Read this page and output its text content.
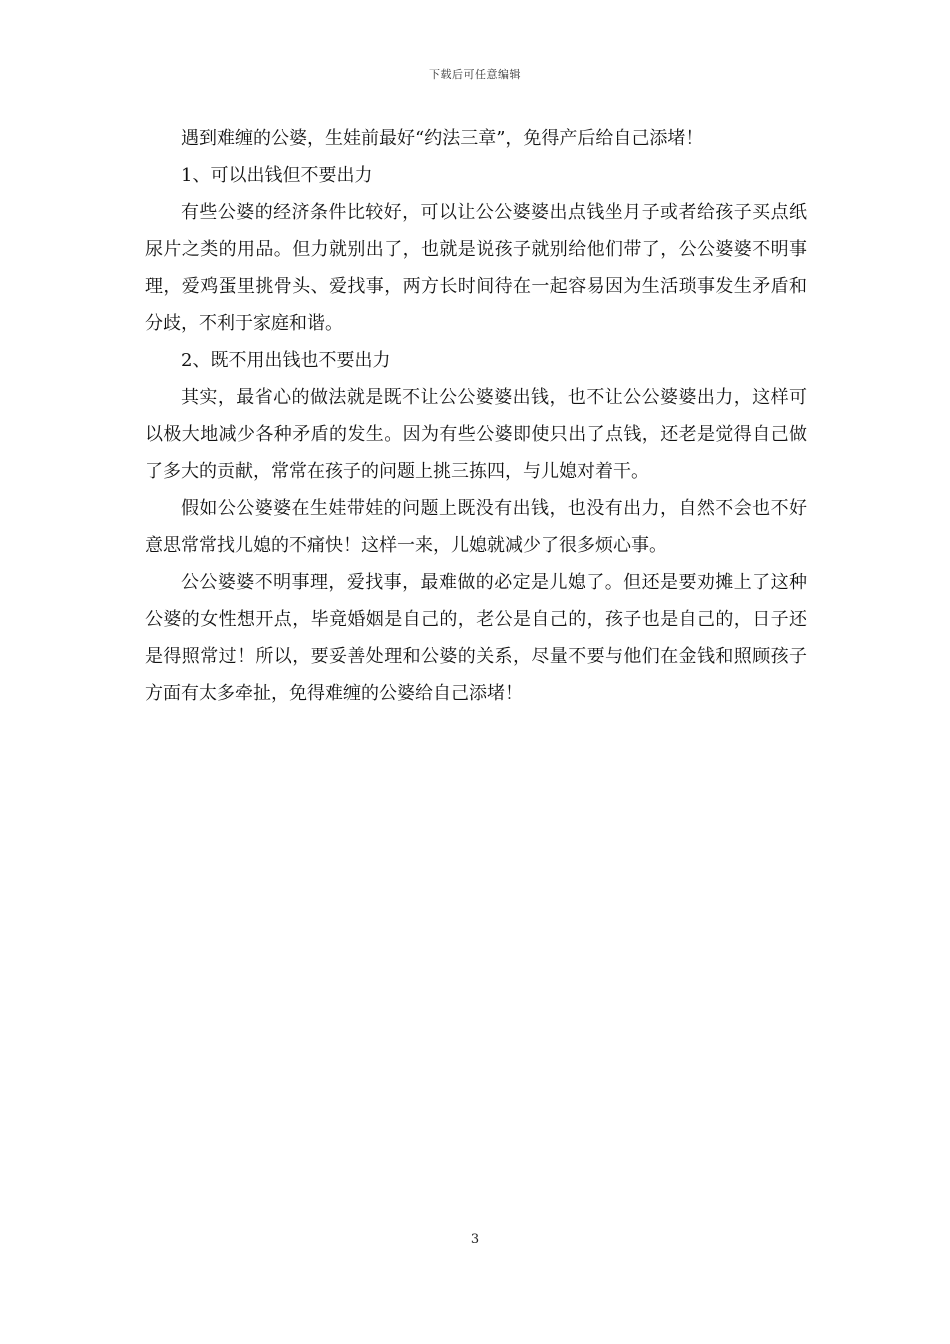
下载后可任意编辑

遇到难缠的公婆，生娃前最好“约法三章”，免得产后给自己添堵！

1、可以出钱但不要出力

有些公婆的经济条件比较好，可以让公公婆婆出点钱坐月子或者给孩子买点纸尿片之类的用品。但力就别出了，也就是说孩子就别给他们带了，公公婆婆不明事理，爱鸡蛋里挑骨头、爱找事，两方长时间待在一起容易因为生活琐事发生矛盾和分歧，不利于家庭和谐。

2、既不用出钱也不要出力

其实，最省心的做法就是既不让公公婆婆出钱，也不让公公婆婆出力，这样可以极大地减少各种矛盾的发生。因为有些公婆即使只出了点钱，还老是觉得自己做了多大的贡献，常常在孩子的问题上挑三拣四，与儿媳对着干。

假如公公婆婆在生娃带娃的问题上既没有出钱，也没有出力，自然不会也不好意思常常找儿媳的不痛快！这样一来，儿媳就减少了很多烦心事。

公公婆婆不明事理，爱找事，最难做的必定是儿媳了。但还是要劝摊上了这种公婆的女性想开点，毕竟婚姻是自己的，老公是自己的，孩子也是自己的，日子还是得照常过！所以，要妥善处理和公婆的关系，尽量不要与他们在金钱和照顾孩子方面有太多牵扯，免得难缠的公婆给自己添堵！

3
